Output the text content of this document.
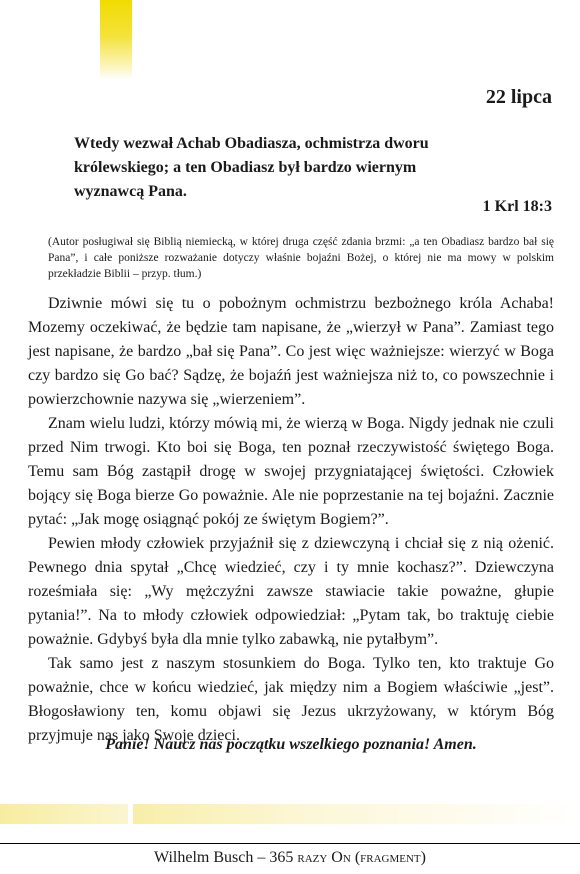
22 lipca

Wtedy wezwał Achab Obadiasza, ochmistrza dworu królewskiego; a ten Obadiasz był bardzo wiernym wyznawcą Pana.

1 Krl 18:3

(Autor posługiwał się Biblią niemiecką, w której druga część zdania brzmi: „a ten Obadiasz bardzo bał się Pana”, i całe poniższe rozważanie dotyczy właśnie bojaźni Bożej, o której nie ma mowy w polskim przekładzie Biblii – przyp. tłum.)

Dziwnie mówi się tu o pobożnym ochmistrzu bezbożnego króla Achaba! Mozemy oczekiwać, że będzie tam napisane, że „wierzył w Pana”. Zamiast tego jest napisane, że bardzo „bał się Pana”. Co jest więc ważniejsze: wierzyć w Boga czy bardzo się Go bać? Sądzę, że bojaźń jest ważniejsza niż to, co powszechnie i powierzchownie nazywa się „wierzeniem”.

Znam wielu ludzi, którzy mówią mi, że wierzą w Boga. Nigdy jednak nie czuli przed Nim trwogi. Kto boi się Boga, ten poznał rzeczywistość świętego Boga. Temu sam Bóg zastąpił drogę w swojej przygniatającej świętości. Człowiek bojący się Boga bierze Go poważnie. Ale nie poprzestanie na tej bojaźni. Zacznie pytać: „Jak mogę osiągnąć pokój ze świętym Bogiem?”.

Pewien młody człowiek przyjaźnił się z dziewczyną i chciał się z nią ożenić. Pewnego dnia spytał „Chcę wiedzieć, czy i ty mnie kochasz?”. Dziewczyna roześmiała się: „Wy mężczyźni zawsze stawiacie takie poważne, głupie pytania!”. Na to młody człowiek odpowiedział: „Pytam tak, bo traktuję ciebie poważnie. Gdybyś była dla mnie tylko zabawką, nie pytałbym”.

Tak samo jest z naszym stosunkiem do Boga. Tylko ten, kto traktuje Go poważnie, chce w końcu wiedzieć, jak między nim a Bogiem właściwie „jest”. Błogosławiony ten, komu objawi się Jezus ukrzyżowany, w którym Bóg przyjmuje nas jako Swoje dzieci.

Panie! Naucz nas początku wszelkiego poznania! Amen.

Wilhelm Busch – 365 razy On (fragment)
